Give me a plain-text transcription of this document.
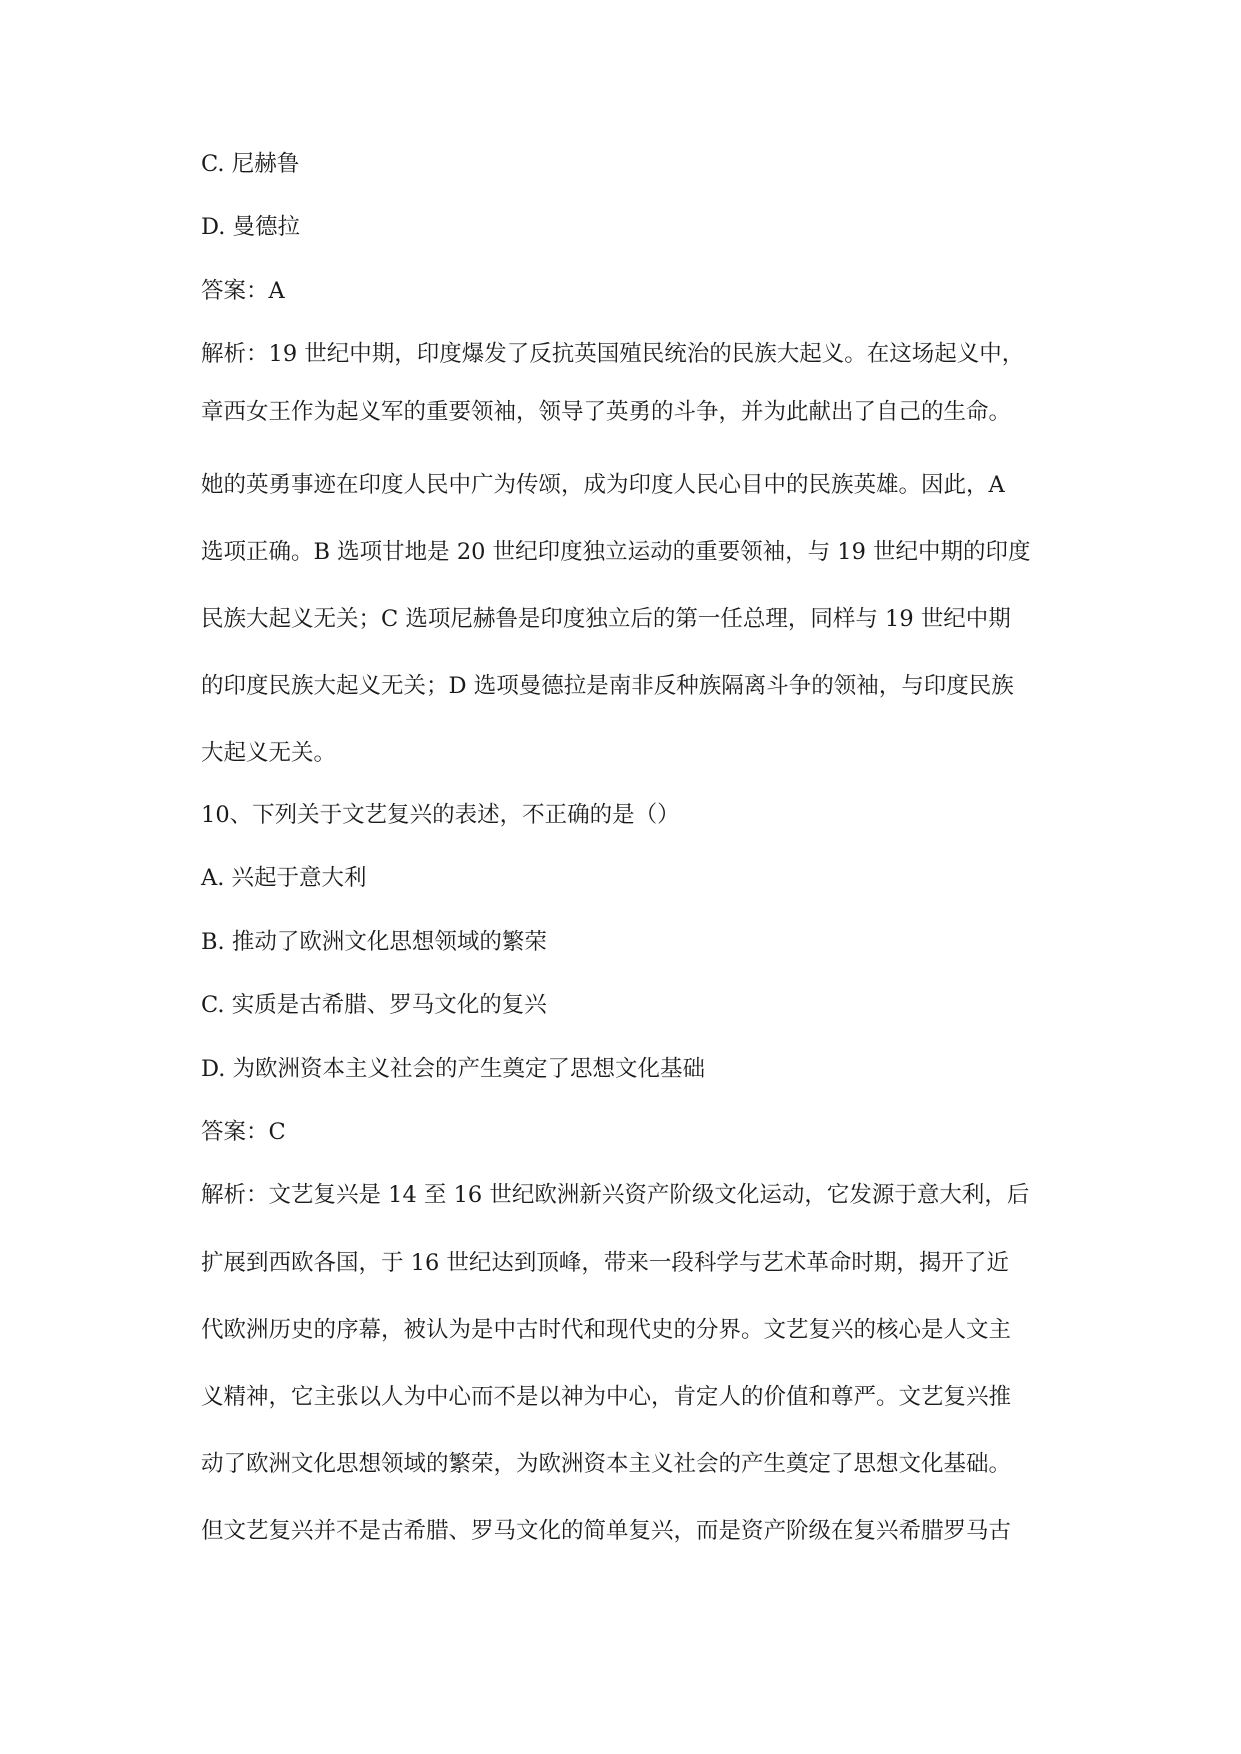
C. 尼赫鲁
D. 曼德拉
答案：A
解析：19 世纪中期，印度爆发了反抗英国殖民统治的民族大起义。在这场起义中，
章西女王作为起义军的重要领袖，领导了英勇的斗争，并为此献出了自己的生命。
她的英勇事迹在印度人民中广为传颂，成为印度人民心目中的民族英雄。因此，A
选项正确。B 选项甘地是 20 世纪印度独立运动的重要领袖，与 19 世纪中期的印度
民族大起义无关；C 选项尼赫鲁是印度独立后的第一任总理，同样与 19 世纪中期
的印度民族大起义无关；D 选项曼德拉是南非反种族隔离斗争的领袖，与印度民族
大起义无关。
10、下列关于文艺复兴的表述，不正确的是（）
A. 兴起于意大利
B. 推动了欧洲文化思想领域的繁荣
C. 实质是古希腊、罗马文化的复兴
D. 为欧洲资本主义社会的产生奠定了思想文化基础
答案：C
解析：文艺复兴是 14 至 16 世纪欧洲新兴资产阶级文化运动，它发源于意大利，后
扩展到西欧各国，于 16 世纪达到顶峰，带来一段科学与艺术革命时期，揭开了近
代欧洲历史的序幕，被认为是中古时代和现代史的分界。文艺复兴的核心是人文主
义精神，它主张以人为中心而不是以神为中心，肯定人的价值和尊严。文艺复兴推
动了欧洲文化思想领域的繁荣，为欧洲资本主义社会的产生奠定了思想文化基础。
但文艺复兴并不是古希腊、罗马文化的简单复兴，而是资产阶级在复兴希腊罗马古
